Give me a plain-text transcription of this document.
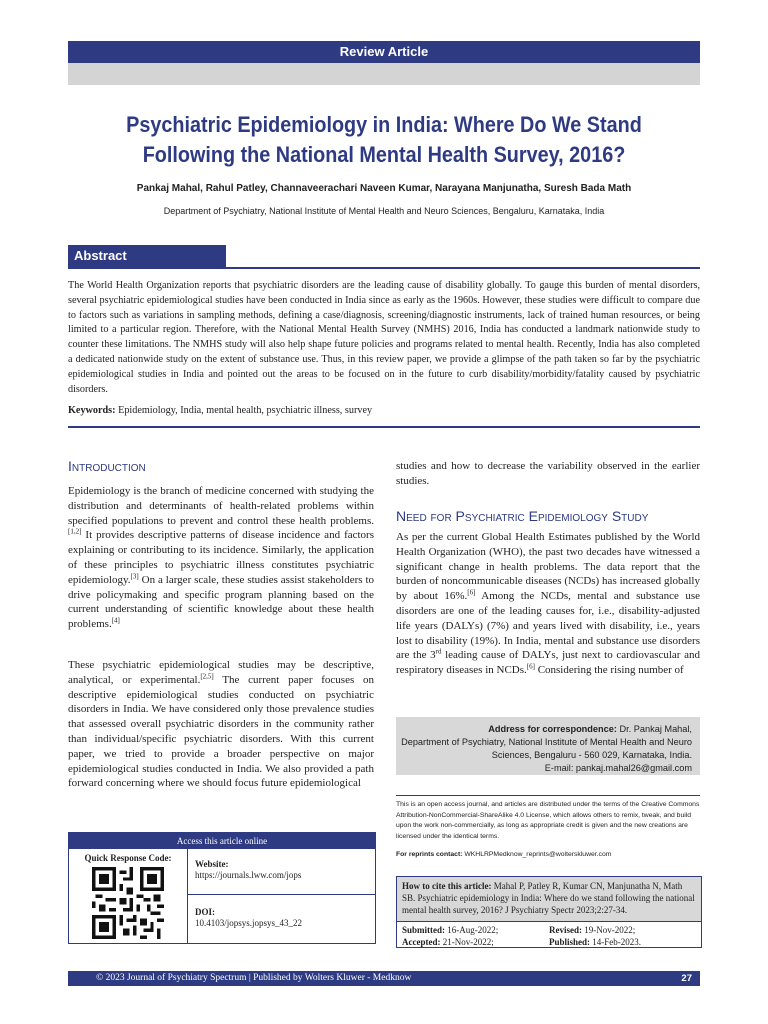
Review Article
Psychiatric Epidemiology in India: Where Do We Stand
Following the National Mental Health Survey, 2016?
Pankaj Mahal, Rahul Patley, Channaveerachari Naveen Kumar, Narayana Manjunatha, Suresh Bada Math
Department of Psychiatry, National Institute of Mental Health and Neuro Sciences, Bengaluru, Karnataka, India
Abstract
The World Health Organization reports that psychiatric disorders are the leading cause of disability globally. To gauge this burden of mental disorders, several psychiatric epidemiological studies have been conducted in India since as early as the 1960s. However, these studies were difficult to compare due to factors such as variations in sampling methods, defining a case/diagnosis, screening/diagnostic instruments, lack of trained human resources, or being limited to a particular region. Therefore, with the National Mental Health Survey (NMHS) 2016, India has conducted a landmark nationwide study to counter these limitations. The NMHS study will also help shape future policies and programs related to mental health. Recently, India has also completed a dedicated nationwide study on the extent of substance use. Thus, in this review paper, we provide a glimpse of the path taken so far by the psychiatric epidemiological studies in India and pointed out the areas to be focused on in the future to curb disability/morbidity/fatality caused by psychiatric disorders.
Keywords: Epidemiology, India, mental health, psychiatric illness, survey
Introduction
Epidemiology is the branch of medicine concerned with studying the distribution and determinants of health-related problems within specified populations to prevent and control these health problems.[1,2] It provides descriptive patterns of disease incidence and factors explaining or contributing to its incidence. Similarly, the application of these principles to psychiatric illness constitutes psychiatric epidemiology.[3] On a larger scale, these studies assist stakeholders to drive policymaking and specific program planning based on the current understanding of scientific knowledge about these health problems.[4]
These psychiatric epidemiological studies may be descriptive, analytical, or experimental.[2,5] The current paper focuses on descriptive epidemiological studies conducted on psychiatric disorders in India. We have considered only those prevalence studies that assessed overall psychiatric disorders in the community rather than individual/specific psychiatric disorders. With this current paper, we tried to provide a broader perspective on major epidemiological studies conducted in India. We also provided a path forward concerning where we should focus future epidemiological
studies and how to decrease the variability observed in the earlier studies.
Need for Psychiatric Epidemiology Study
As per the current Global Health Estimates published by the World Health Organization (WHO), the past two decades have witnessed a significant change in health problems. The data report that the burden of noncommunicable diseases (NCDs) has increased globally by about 16%.[6] Among the NCDs, mental and substance use disorders are one of the leading causes for, i.e., disability-adjusted life years (DALYs) (7%) and years lived with disability, i.e., years lost to disability (19%). In India, mental and substance use disorders are the 3rd leading cause of DALYs, just next to cardiovascular and respiratory diseases in NCDs.[6] Considering the rising number of
Address for correspondence: Dr. Pankaj Mahal,
Department of Psychiatry, National Institute of Mental Health and Neuro
Sciences, Bengaluru - 560 029, Karnataka, India.
E-mail: pankaj.mahal26@gmail.com
This is an open access journal, and articles are distributed under the terms of the Creative Commons Attribution-NonCommercial-ShareAlike 4.0 License, which allows others to remix, tweak, and build upon the work non-commercially, as long as appropriate credit is given and the new creations are licensed under the identical terms.
For reprints contact: WKHLRPMedknow_reprints@wolterskluwer.com
How to cite this article: Mahal P, Patley R, Kumar CN, Manjunatha N, Math SB. Psychiatric epidemiology in India: Where do we stand following the national mental health survey, 2016? J Psychiatry Spectr 2023;2:27-34.
Submitted: 16-Aug-2022;	Revised: 19-Nov-2022;
Accepted: 21-Nov-2022;	Published: 14-Feb-2023.
Access this article online
Quick Response Code:
Website:
https://journals.lww.com/jops
DOI:
10.4103/jopsys.jopsys_43_22
© 2023 Journal of Psychiatry Spectrum | Published by Wolters Kluwer - Medknow	27
